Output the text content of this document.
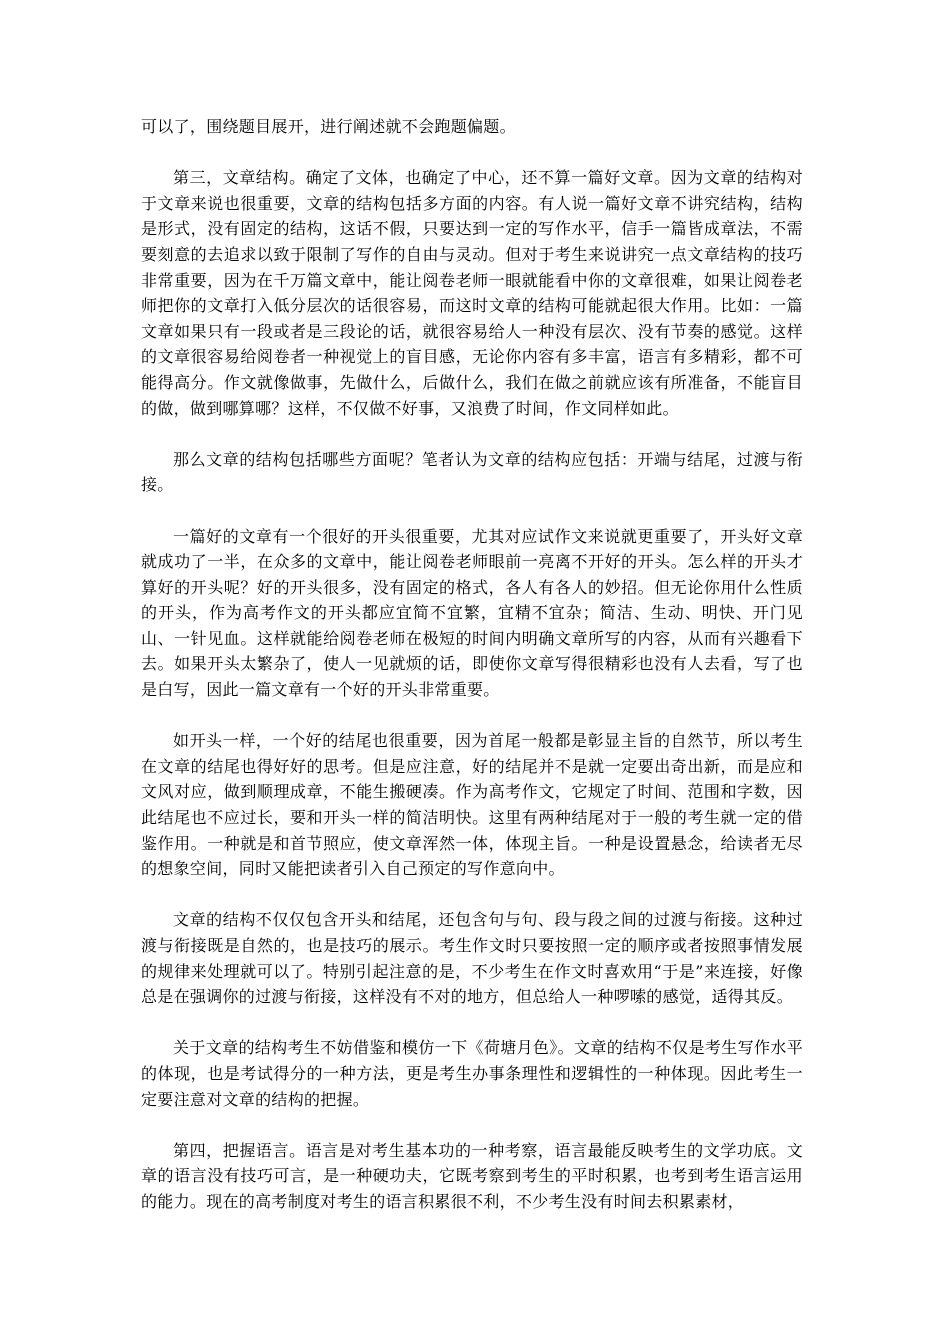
可以了，围绕题目展开，进行阐述就不会跑题偏题。

第三，文章结构。确定了文体，也确定了中心，还不算一篇好文章。因为文章的结构对于文章来说也很重要，文章的结构包括多方面的内容。有人说一篇好文章不讲究结构，结构是形式，没有固定的结构，这话不假，只要达到一定的写作水平，信手一篇皆成章法，不需要刻意的去追求以致于限制了写作的自由与灵动。但对于考生来说讲究一点文章结构的技巧非常重要，因为在千万篇文章中，能让阅卷老师一眼就能看中你的文章很难，如果让阅卷老师把你的文章打入低分层次的话很容易，而这时文章的结构可能就起很大作用。比如：一篇文章如果只有一段或者是三段论的话，就很容易给人一种没有层次、没有节奏的感觉。这样的文章很容易给阅卷者一种视觉上的盲目感，无论你内容有多丰富，语言有多精彩，都不可能得高分。作文就像做事，先做什么，后做什么，我们在做之前就应该有所准备，不能盲目的做，做到哪算哪？这样，不仅做不好事，又浪费了时间，作文同样如此。

那么文章的结构包括哪些方面呢？笔者认为文章的结构应包括：开端与结尾，过渡与衔接。

一篇好的文章有一个很好的开头很重要，尤其对应试作文来说就更重要了，开头好文章就成功了一半，在众多的文章中，能让阅卷老师眼前一亮离不开好的开头。怎么样的开头才算好的开头呢？好的开头很多，没有固定的格式，各人有各人的妙招。但无论你用什么性质的开头，作为高考作文的开头都应宜简不宜繁，宜精不宜杂；简洁、生动、明快、开门见山、一针见血。这样就能给阅卷老师在极短的时间内明确文章所写的内容，从而有兴趣看下去。如果开头太繁杂了，使人一见就烦的话，即使你文章写得很精彩也没有人去看，写了也是白写，因此一篇文章有一个好的开头非常重要。

如开头一样，一个好的结尾也很重要，因为首尾一般都是彰显主旨的自然节，所以考生在文章的结尾也得好好的思考。但是应注意，好的结尾并不是就一定要出奇出新，而是应和文风对应，做到顺理成章，不能生搬硬凑。作为高考作文，它规定了时间、范围和字数，因此结尾也不应过长，要和开头一样的简洁明快。这里有两种结尾对于一般的考生就一定的借鉴作用。一种就是和首节照应，使文章浑然一体，体现主旨。一种是设置悬念，给读者无尽的想象空间，同时又能把读者引入自己预定的写作意向中。

文章的结构不仅仅包含开头和结尾，还包含句与句、段与段之间的过渡与衔接。这种过渡与衔接既是自然的，也是技巧的展示。考生作文时只要按照一定的顺序或者按照事情发展的规律来处理就可以了。特别引起注意的是，不少考生在作文时喜欢用“于是”来连接，好像总是在强调你的过渡与衔接，这样没有不对的地方，但总给人一种啰嗦的感觉，适得其反。

关于文章的结构考生不妨借鉴和模仿一下《荷塘月色》。文章的结构不仅是考生写作水平的体现，也是考试得分的一种方法，更是考生办事条理性和逻辑性的一种体现。因此考生一定要注意对文章的结构的把握。

第四，把握语言。语言是对考生基本功的一种考察，语言最能反映考生的文学功底。文章的语言没有技巧可言，是一种硬功夫，它既考察到考生的平时积累，也考到考生语言运用的能力。现在的高考制度对考生的语言积累很不利，不少考生没有时间去积累素材，
